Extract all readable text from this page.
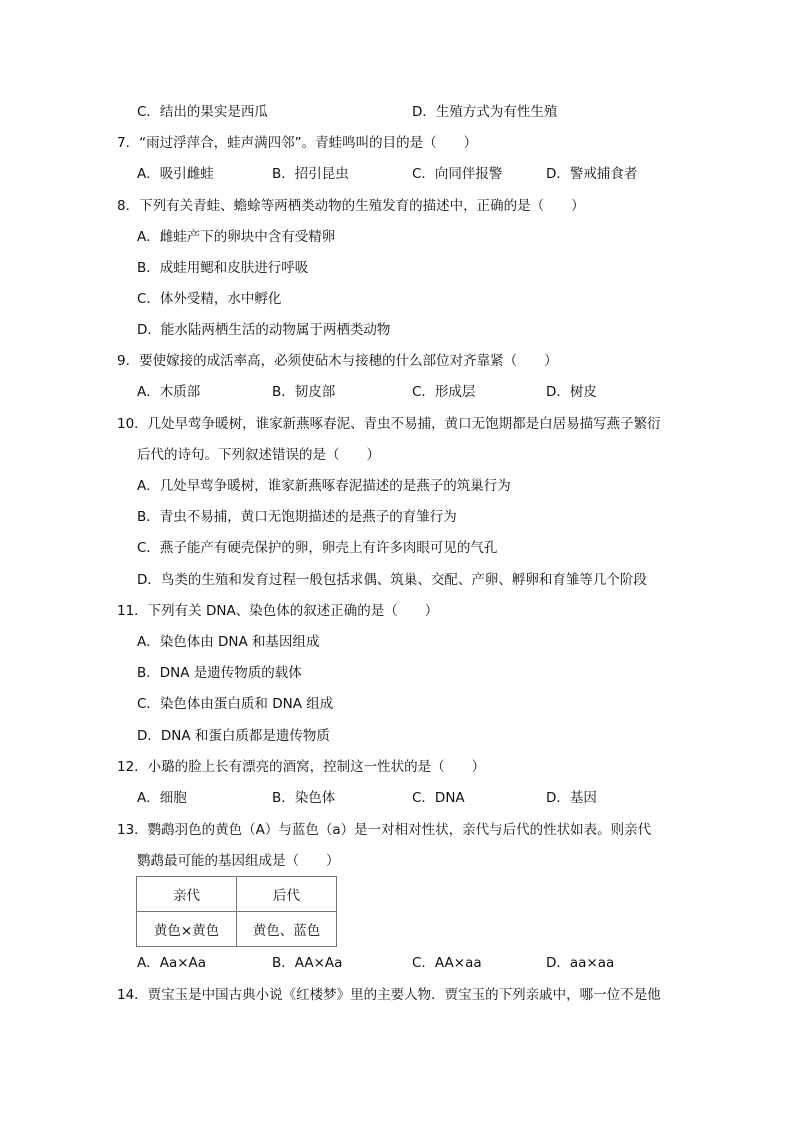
C．结出的果实是西瓜	D．生殖方式为有性生殖
7．“雨过浮萍合，蛙声满四邻”。青蛙鸣叫的目的是（　　）
A．吸引雌蛙	B．招引昆虫	C．向同伴报警	D．警戒捕食者
8．下列有关青蛙、蟾蜍等两栖类动物的生殖发育的描述中，正确的是（　　）
A．雌蛙产下的卵块中含有受精卵
B．成蛙用鳃和皮肤进行呼吸
C．体外受精，水中孵化
D．能水陆两栖生活的动物属于两栖类动物
9．要使嫁接的成活率高，必须使砧木与接穗的什么部位对齐靠紧（　　）
A．木质部	B．韧皮部	C．形成层	D．树皮
10．几处早莺争暖树，谁家新燕啄春泥、青虫不易捕，黄口无饱期都是白居易描写燕子繁衍
后代的诗句。下列叙述错误的是（　　）
A．几处早莺争暖树，谁家新燕啄春泥描述的是燕子的筑巢行为
B．青虫不易捕，黄口无饱期描述的是燕子的育雏行为
C．燕子能产有硬壳保护的卵，卵壳上有许多肉眼可见的气孔
D．鸟类的生殖和发育过程一般包括求偶、筑巢、交配、产卵、孵卵和育雏等几个阶段
11．下列有关 DNA、染色体的叙述正确的是（　　）
A．染色体由 DNA 和基因组成
B．DNA 是遗传物质的载体
C．染色体由蛋白质和 DNA 组成
D．DNA 和蛋白质都是遗传物质
12．小璐的脸上长有漂亮的酒窝，控制这一性状的是（　　）
A．细胞	B．染色体	C．DNA	D．基因
13．鹦鹉羽色的黄色（A）与蓝色（a）是一对相对性状，亲代与后代的性状如表。则亲代
鹦鹉最可能的基因组成是（　　）
亲代	后代
黄色×黄色	黄色、蓝色
A．Aa×Aa	B．AA×Aa	C．AA×aa	D．aa×aa
14．贾宝玉是中国古典小说《红楼梦》里的主要人物．贾宝玉的下列亲戚中，哪一位不是他
